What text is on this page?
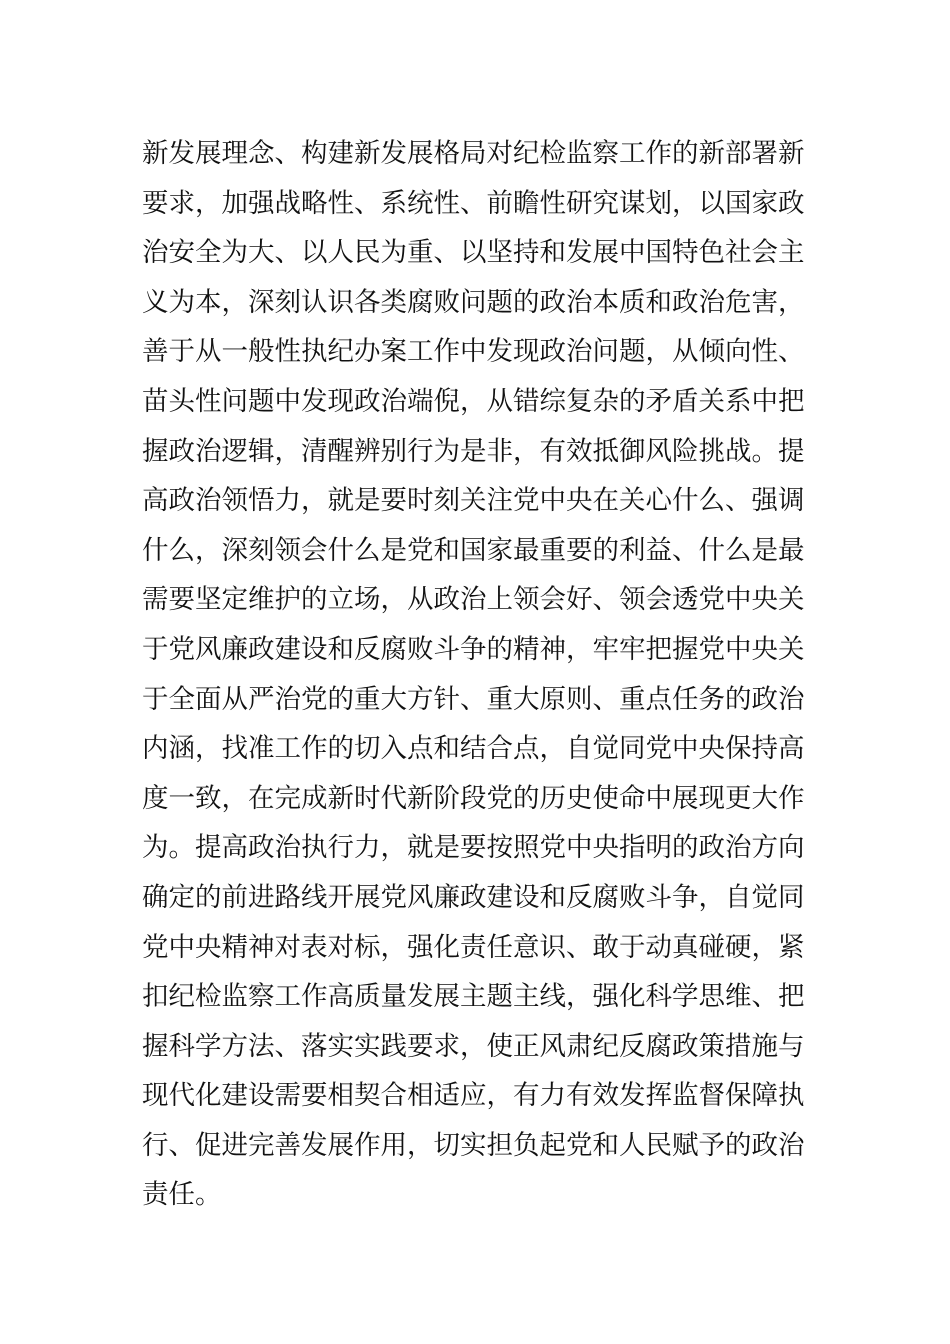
新发展理念、构建新发展格局对纪检监察工作的新部署新
要求，加强战略性、系统性、前瞻性研究谋划，以国家政
治安全为大、以人民为重、以坚持和发展中国特色社会主
义为本，深刻认识各类腐败问题的政治本质和政治危害，
善于从一般性执纪办案工作中发现政治问题，从倾向性、
苗头性问题中发现政治端倪，从错综复杂的矛盾关系中把
握政治逻辑，清醒辨别行为是非，有效抵御风险挑战。提
高政治领悟力，就是要时刻关注党中央在关心什么、强调
什么，深刻领会什么是党和国家最重要的利益、什么是最
需要坚定维护的立场，从政治上领会好、领会透党中央关
于党风廉政建设和反腐败斗争的精神，牢牢把握党中央关
于全面从严治党的重大方针、重大原则、重点任务的政治
内涵，找准工作的切入点和结合点，自觉同党中央保持高
度一致，在完成新时代新阶段党的历史使命中展现更大作
为。提高政治执行力，就是要按照党中央指明的政治方向
确定的前进路线开展党风廉政建设和反腐败斗争，自觉同
党中央精神对表对标，强化责任意识、敢于动真碰硬，紧
扣纪检监察工作高质量发展主题主线，强化科学思维、把
握科学方法、落实实践要求，使正风肃纪反腐政策措施与
现代化建设需要相契合相适应，有力有效发挥监督保障执
行、促进完善发展作用，切实担负起党和人民赋予的政治
责任。
